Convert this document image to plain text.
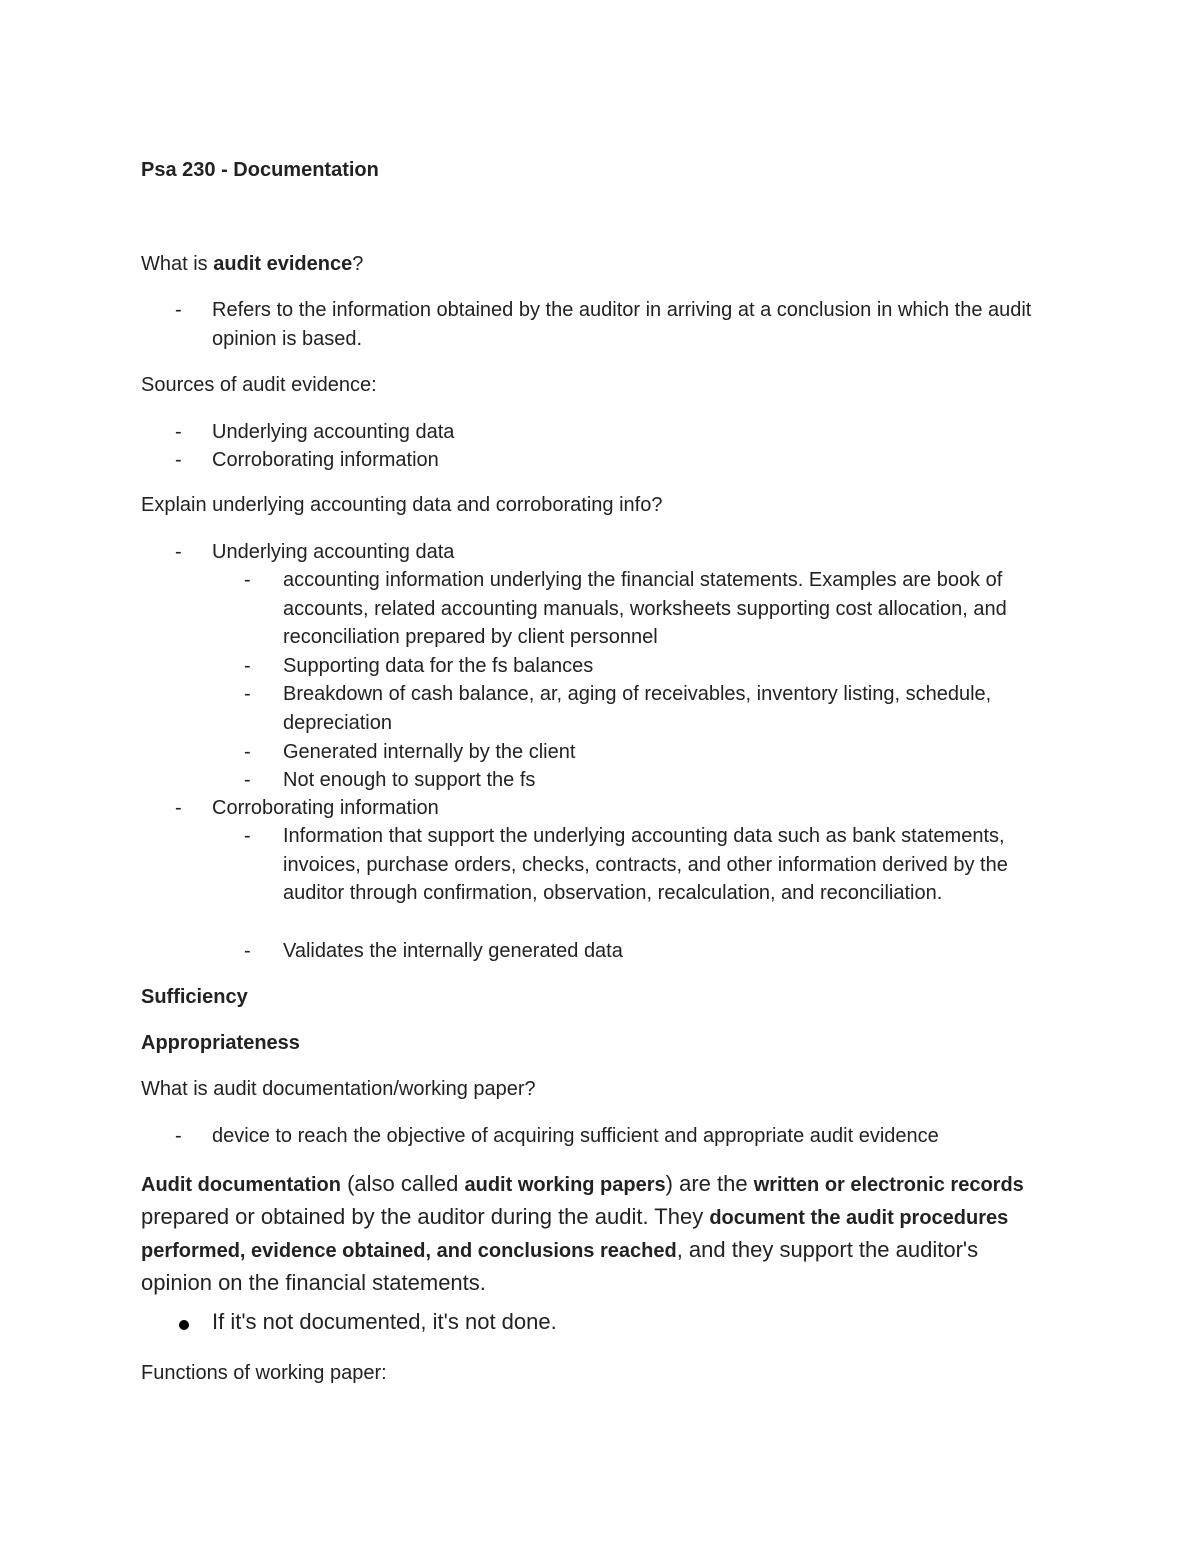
Psa 230 - Documentation
What is audit evidence?
- Refers to the information obtained by the auditor in arriving at a conclusion in which the audit opinion is based.
Sources of audit evidence:
- Underlying accounting data
- Corroborating information
Explain underlying accounting data and corroborating info?
- Underlying accounting data
- accounting information underlying the financial statements. Examples are book of accounts, related accounting manuals, worksheets supporting cost allocation, and reconciliation prepared by client personnel
- Supporting data for the fs balances
- Breakdown of cash balance, ar, aging of receivables, inventory listing, schedule, depreciation
- Generated internally by the client
- Not enough to support the fs
- Corroborating information
- Information that support the underlying accounting data such as bank statements, invoices, purchase orders, checks, contracts, and other information derived by the auditor through confirmation, observation, recalculation, and reconciliation.
- Validates the internally generated data
Sufficiency
Appropriateness
What is audit documentation/working paper?
- device to reach the objective of acquiring sufficient and appropriate audit evidence
Audit documentation (also called audit working papers) are the written or electronic records prepared or obtained by the auditor during the audit. They document the audit procedures performed, evidence obtained, and conclusions reached, and they support the auditor's opinion on the financial statements.
If it's not documented, it's not done.
Functions of working paper:
